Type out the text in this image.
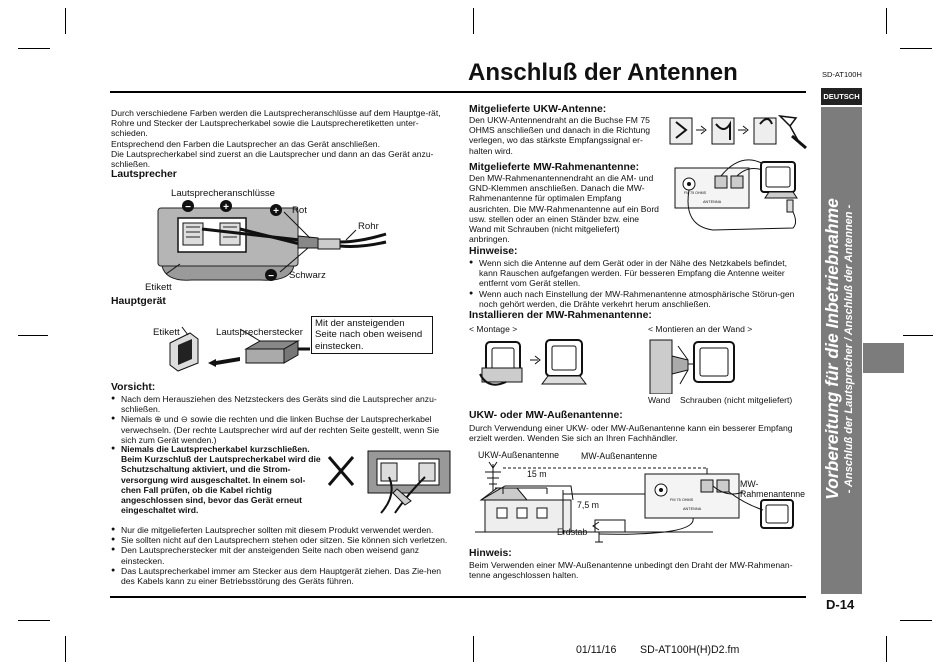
Anschluß der Antennen	SD-AT100H
DEUTSCH
Vorbereitung für die Inbetriebnahme - Anschluß der Lautsprecher / Anschluß der Antennen -
Durch verschiedene Farben werden die Lautsprecheranschlüsse auf dem Hauptge-rät, Rohre und Stecker der Lautsprecherkabel sowie die Lautsprecheretiketten unter-schieden.
Entsprechend den Farben die Lautsprecher an das Gerät anschließen.
Die Lautsprecherkabel sind zuerst an die Lautsprecher und dann an das Gerät anzu-schließen.
Lautsprecher
−	+	+
−
Lautsprecheranschlüsse
Rot
Rohr
Schwarz
Etikett
Hauptgerät
Etikett	Lautsprecherstecker
Mit der ansteigenden Seite nach oben weisend einstecken.
Vorsicht:
● Nach dem Herausziehen des Netzsteckers des Geräts sind die Lautsprecher anzu-schließen.
● Niemals ⊕ und ⊖ sowie die rechten und die linken Buchse der Lautsprecherkabel verwechseln. (Der rechte Lautsprecher wird auf der rechten Seite gestellt, wenn Sie sich zum Gerät wenden.)
● Niemals die Lautsprecherkabel kurzschließen. Beim Kurzschluß der Lautsprecherkabel wird die Schutzschaltung aktiviert, und die Strom-versorgung wird ausgeschaltet. In einem sol-chen Fall prüfen, ob die Kabel richtig angeschlossen sind, bevor das Gerät erneut eingeschaltet wird.
● Nur die mitgelieferten Lautsprecher sollten mit diesem Produkt verwendet werden.
● Sie sollten nicht auf den Lautsprechern stehen oder sitzen. Sie können sich verletzen.
● Den Lautsprecherstecker mit der ansteigenden Seite nach oben weisend ganz einstecken.
● Das Lautsprecherkabel immer am Stecker aus dem Hauptgerät ziehen. Das Zie-hen des Kabels kann zu einer Betriebsstörung des Geräts führen.
Mitgelieferte UKW-Antenne:
Den UKW-Antennendraht an die Buchse FM 75 OHMS anschließen und danach in die Richtung verlegen, wo das stärkste Empfangssignal er-halten wird.
Mitgelieferte MW-Rahmenantenne:
Den MW-Rahmenantennendraht an die AM- und GND-Klemmen anschließen. Danach die MW-Rahmenantenne für optimalen Empfang ausrichten. Die MW-Rahmenantenne auf ein Bord usw. stellen oder an einen Ständer bzw. eine Wand mit Schrauben (nicht mitgeliefert) anbringen.
FM 75 OHMS
ANTENNA
Hinweise:
● Wenn sich die Antenne auf dem Gerät oder in der Nähe des Netzkabels befindet, kann Rauschen aufgefangen werden. Für besseren Empfang die Antenne weiter entfernt vom Gerät stellen.
● Wenn auch nach Einstellung der MW-Rahmenantenne atmosphärische Störun-gen noch gehört werden, die Drähte verkehrt herum anschließen.
Installieren der MW-Rahmenantenne:
< Montage >	< Montieren an der Wand >
Wand Schrauben (nicht mitgeliefert)
UKW- oder MW-Außenantenne:
Durch Verwendung einer UKW- oder MW-Außenantenne kann ein besserer Empfang erzielt werden. Wenden Sie sich an Ihren Fachhändler.
UKW-Außenantenne MW-Außenantenne
15 m
7,5 m
Erdstab
MW-Rahmenantenne
FM 75 OHMS
ANTENNA
Hinweis:
Beim Verwenden einer MW-Außenantenne unbedingt den Draht der MW-Rahmenan-tenne angeschlossen halten.
D-14
01/11/16 SD-AT100H(H)D2.fm
